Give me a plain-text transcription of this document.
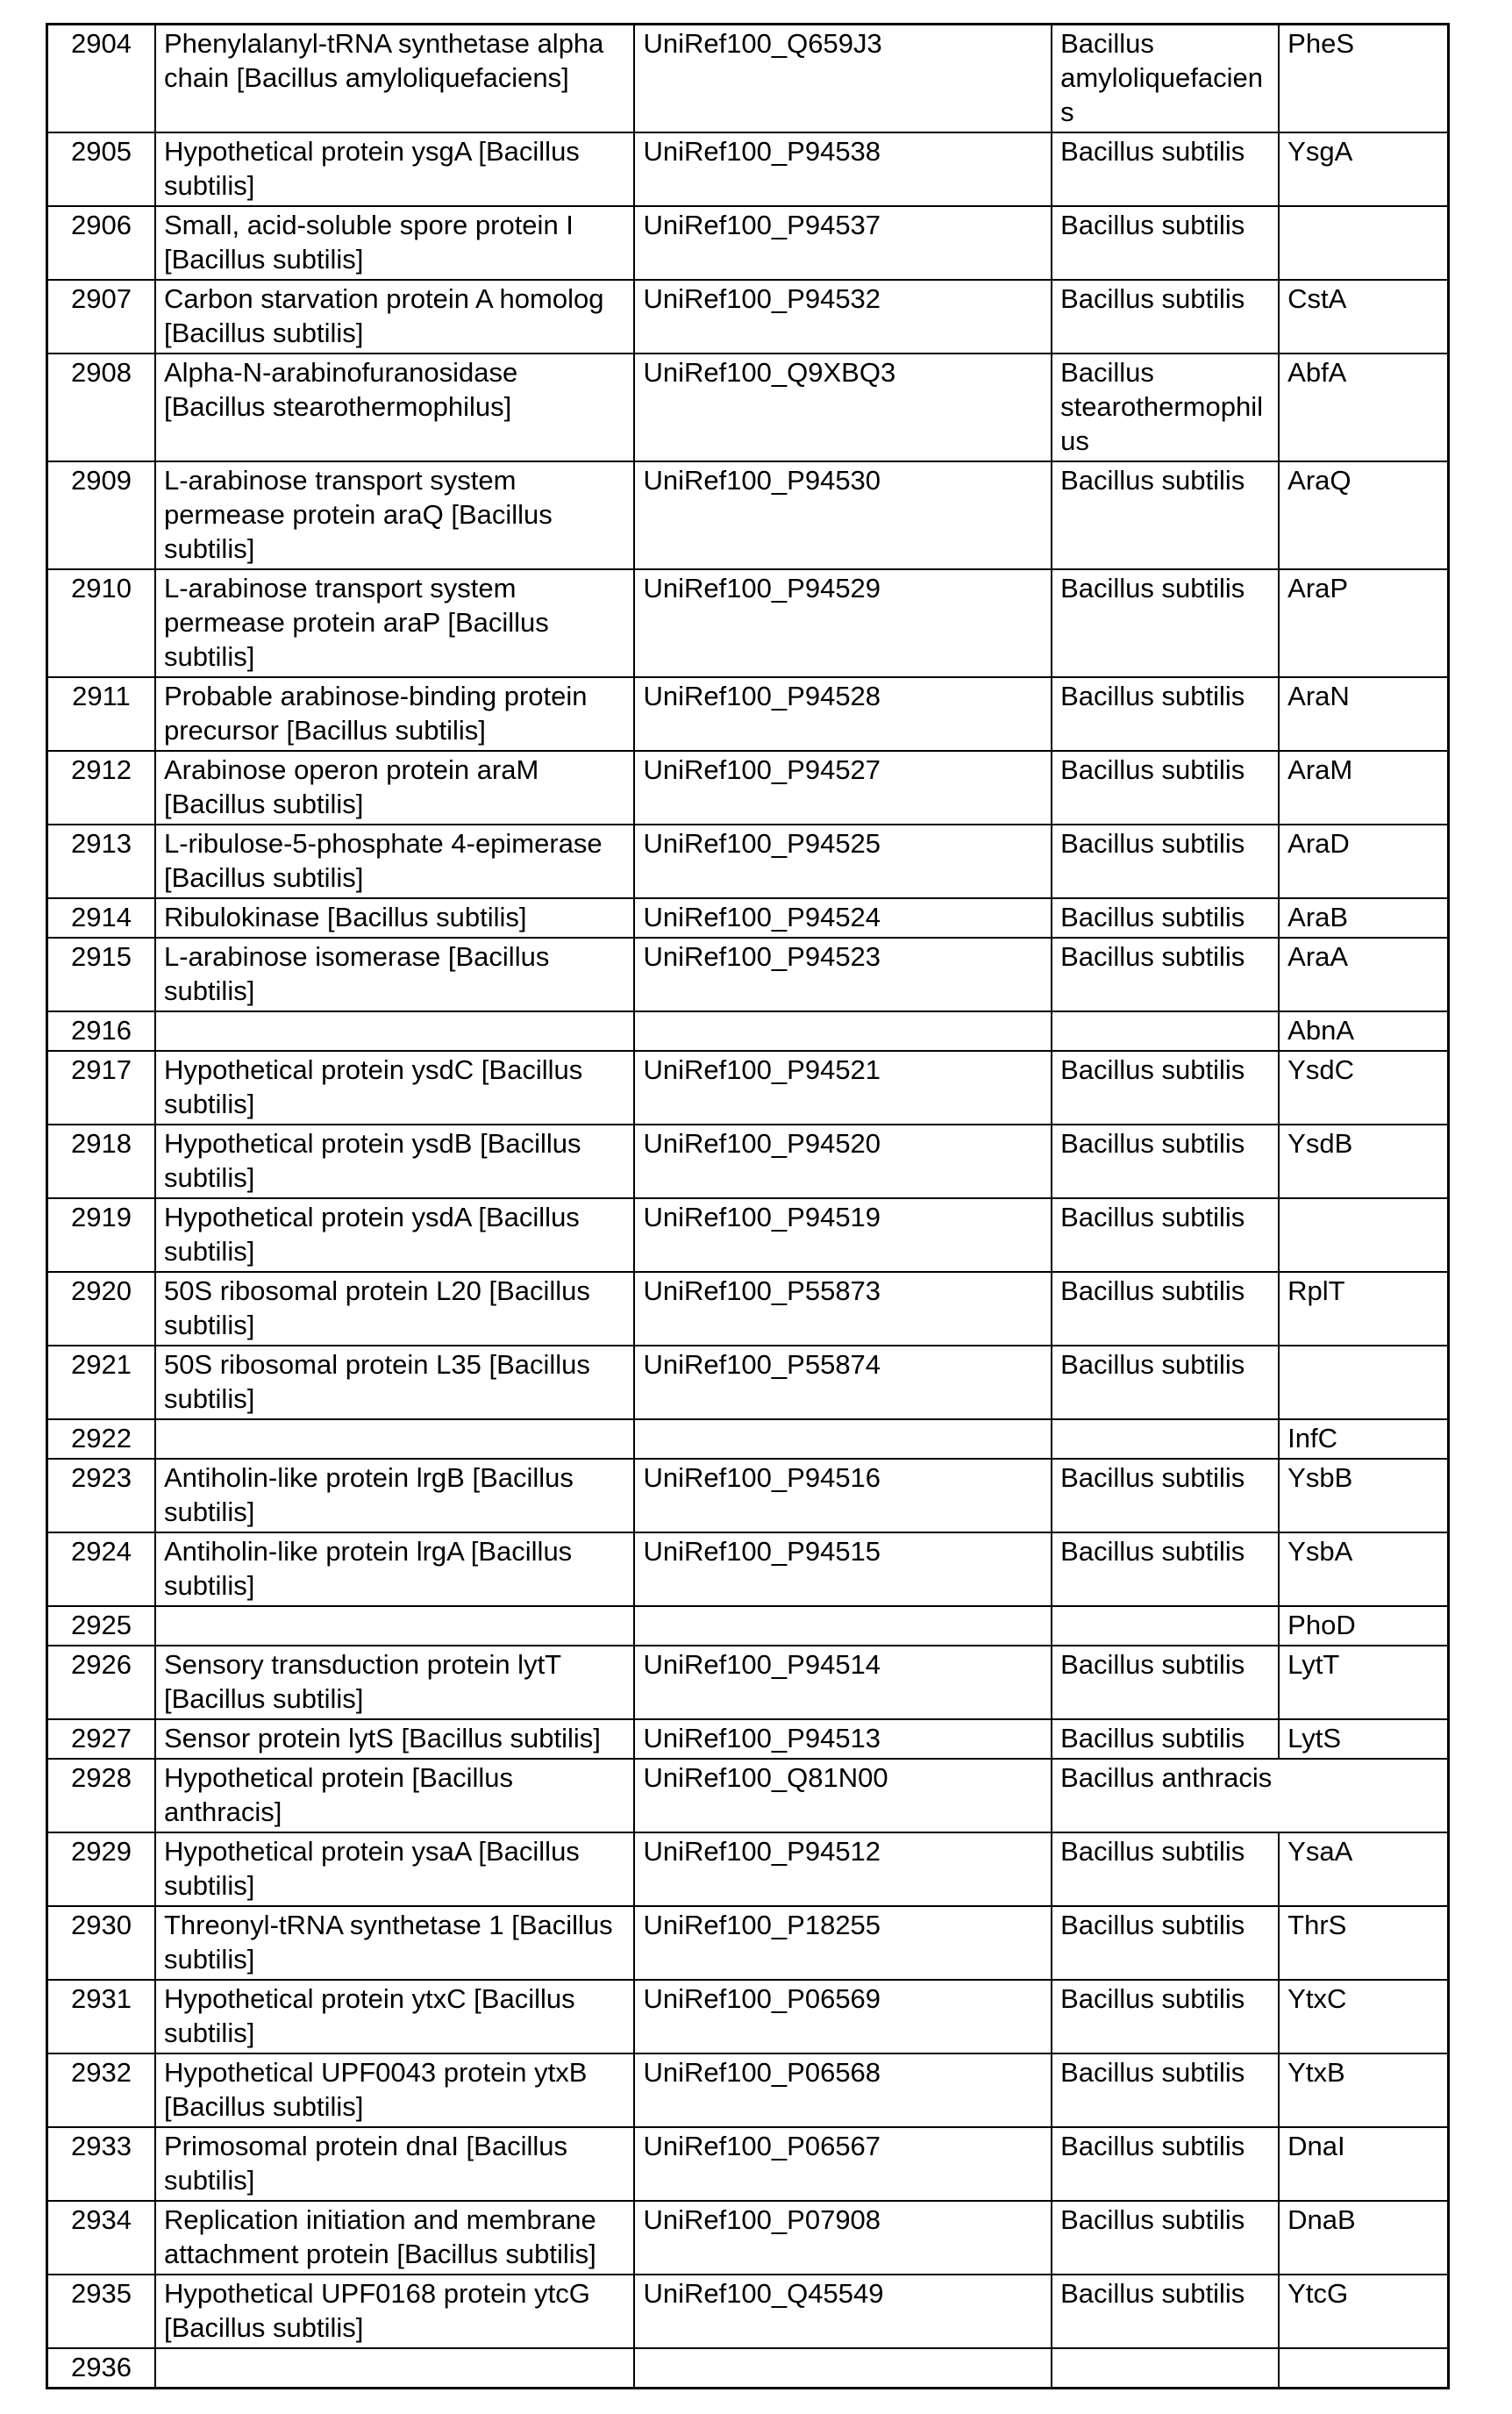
2904	Phenylalanyl-tRNA synthetase alpha chain [Bacillus amyloliquefaciens]	UniRef100_Q659J3	Bacillus amyloliquefaciens	PheS
2905	Hypothetical protein ysgA [Bacillus subtilis]	UniRef100_P94538	Bacillus subtilis	YsgA
2906	Small, acid-soluble spore protein I [Bacillus subtilis]	UniRef100_P94537	Bacillus subtilis	
2907	Carbon starvation protein A homolog [Bacillus subtilis]	UniRef100_P94532	Bacillus subtilis	CstA
2908	Alpha-N-arabinofuranosidase [Bacillus stearothermophilus]	UniRef100_Q9XBQ3	Bacillus stearothermophilus	AbfA
2909	L-arabinose transport system permease protein araQ [Bacillus subtilis]	UniRef100_P94530	Bacillus subtilis	AraQ
2910	L-arabinose transport system permease protein araP [Bacillus subtilis]	UniRef100_P94529	Bacillus subtilis	AraP
2911	Probable arabinose-binding protein precursor [Bacillus subtilis]	UniRef100_P94528	Bacillus subtilis	AraN
2912	Arabinose operon protein araM [Bacillus subtilis]	UniRef100_P94527	Bacillus subtilis	AraM
2913	L-ribulose-5-phosphate 4-epimerase [Bacillus subtilis]	UniRef100_P94525	Bacillus subtilis	AraD
2914	Ribulokinase [Bacillus subtilis]	UniRef100_P94524	Bacillus subtilis	AraB
2915	L-arabinose isomerase [Bacillus subtilis]	UniRef100_P94523	Bacillus subtilis	AraA
2916				AbnA
2917	Hypothetical protein ysdC [Bacillus subtilis]	UniRef100_P94521	Bacillus subtilis	YsdC
2918	Hypothetical protein ysdB [Bacillus subtilis]	UniRef100_P94520	Bacillus subtilis	YsdB
2919	Hypothetical protein ysdA [Bacillus subtilis]	UniRef100_P94519	Bacillus subtilis	
2920	50S ribosomal protein L20 [Bacillus subtilis]	UniRef100_P55873	Bacillus subtilis	RplT
2921	50S ribosomal protein L35 [Bacillus subtilis]	UniRef100_P55874	Bacillus subtilis	
2922				InfC
2923	Antiholin-like protein lrgB [Bacillus subtilis]	UniRef100_P94516	Bacillus subtilis	YsbB
2924	Antiholin-like protein lrgA [Bacillus subtilis]	UniRef100_P94515	Bacillus subtilis	YsbA
2925				PhoD
2926	Sensory transduction protein lytT [Bacillus subtilis]	UniRef100_P94514	Bacillus subtilis	LytT
2927	Sensor protein lytS [Bacillus subtilis]	UniRef100_P94513	Bacillus subtilis	LytS
2928	Hypothetical protein [Bacillus anthracis]	UniRef100_Q81N00	Bacillus anthracis	
2929	Hypothetical protein ysaA [Bacillus subtilis]	UniRef100_P94512	Bacillus subtilis	YsaA
2930	Threonyl-tRNA synthetase 1 [Bacillus subtilis]	UniRef100_P18255	Bacillus subtilis	ThrS
2931	Hypothetical protein ytxC [Bacillus subtilis]	UniRef100_P06569	Bacillus subtilis	YtxC
2932	Hypothetical UPF0043 protein ytxB [Bacillus subtilis]	UniRef100_P06568	Bacillus subtilis	YtxB
2933	Primosomal protein dnaI [Bacillus subtilis]	UniRef100_P06567	Bacillus subtilis	DnaI
2934	Replication initiation and membrane attachment protein [Bacillus subtilis]	UniRef100_P07908	Bacillus subtilis	DnaB
2935	Hypothetical UPF0168 protein ytcG [Bacillus subtilis]	UniRef100_Q45549	Bacillus subtilis	YtcG
2936				
